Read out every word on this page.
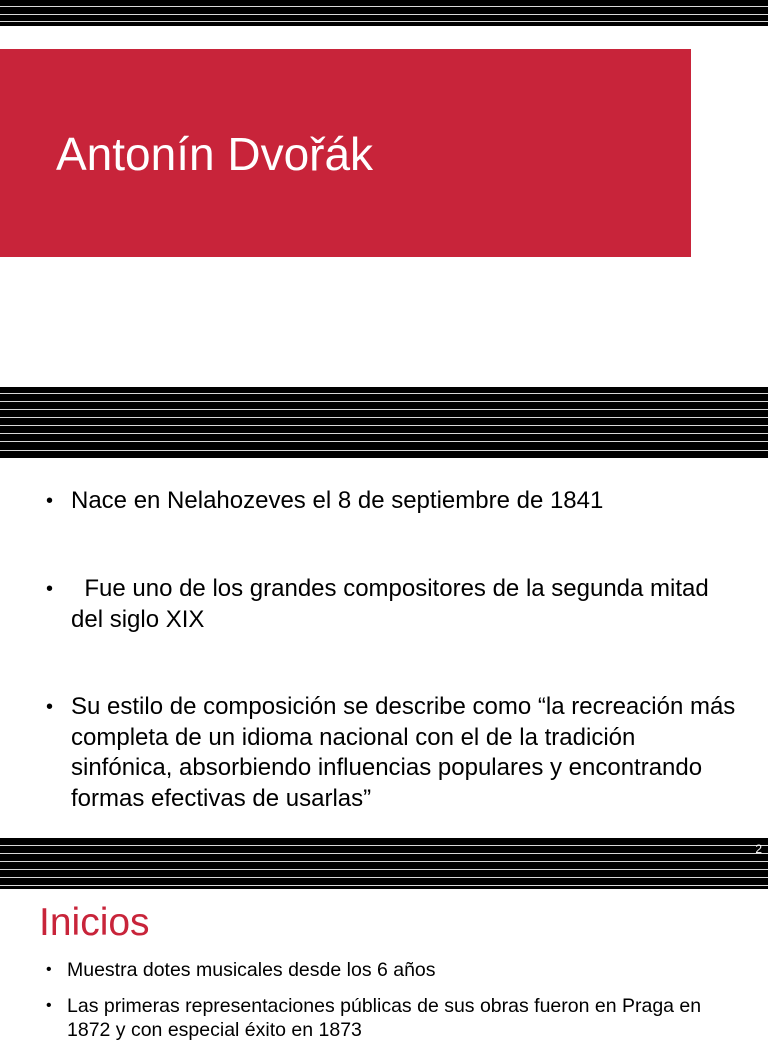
Antonín Dvořák
• Nace en Nelahozeves el 8 de septiembre de 1841
• Fue uno de los grandes compositores de la segunda mitad del siglo XIX
• Su estilo de composición se describe como “la recreación más completa de un idioma nacional con el de la tradición sinfónica, absorbiendo influencias populares y encontrando formas efectivas de usarlas”
2
Inicios
• Muestra dotes musicales desde los 6 años
• Las primeras representaciones públicas de sus obras fueron en Praga en 1872 y con especial éxito en 1873
